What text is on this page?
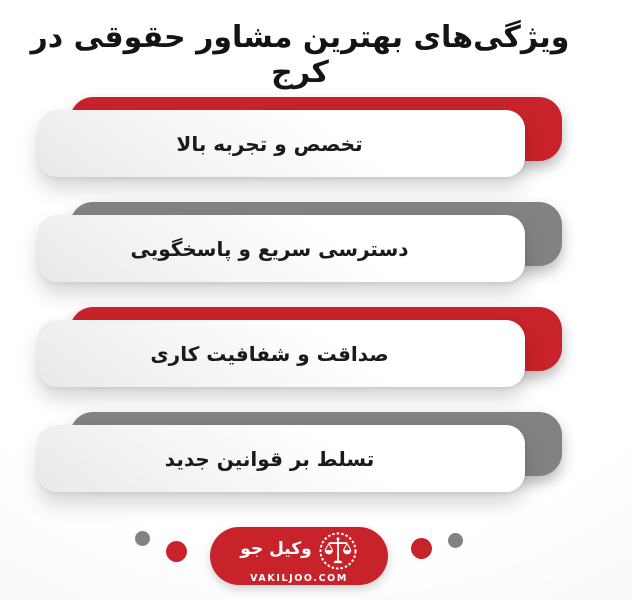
ویژگی‌های بهترین مشاور حقوقی در کرج
۱
تخصص و تجربه بالا
۲
دسترسی سریع و پاسخگویی
۳
صداقت و شفافیت کاری
۴
تسلط بر قوانین جدید
وکیل جو
VAKILJOO.COM
